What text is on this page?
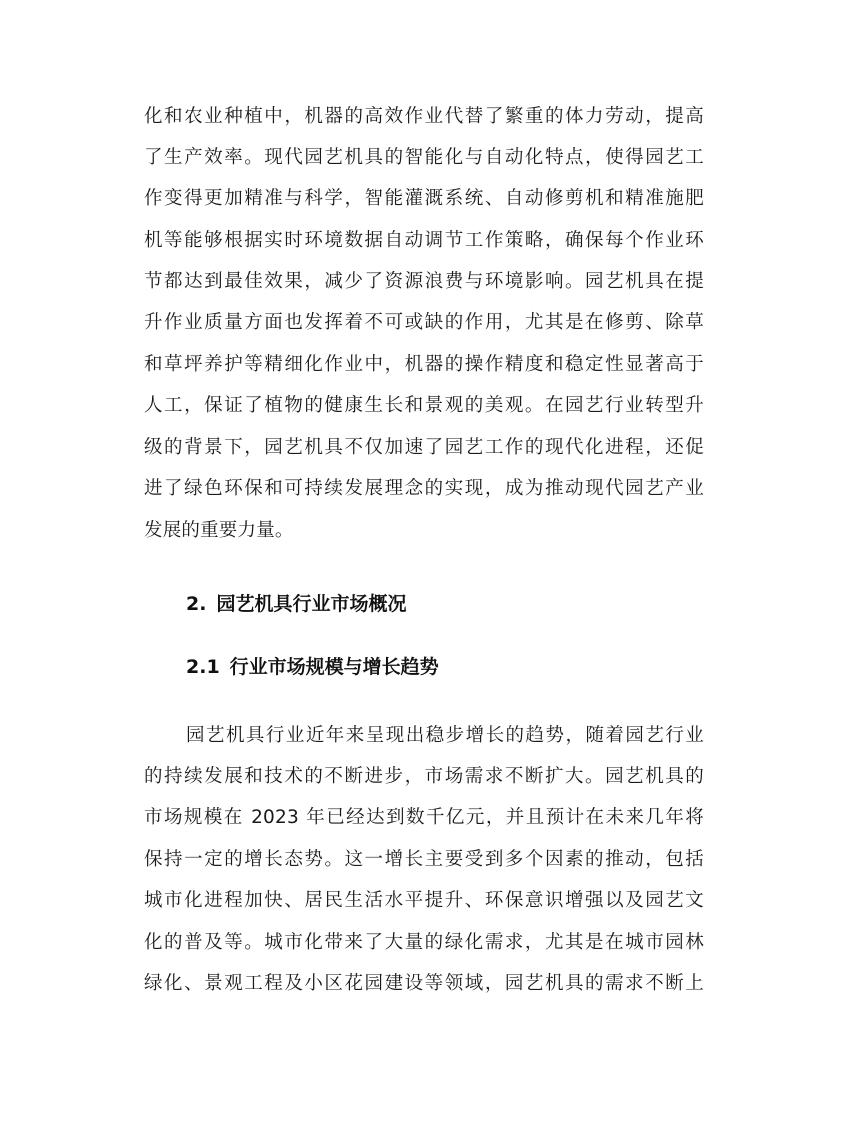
化和农业种植中，机器的高效作业代替了繁重的体力劳动，提高
了生产效率。现代园艺机具的智能化与自动化特点，使得园艺工
作变得更加精准与科学，智能灌溉系统、自动修剪机和精准施肥
机等能够根据实时环境数据自动调节工作策略，确保每个作业环
节都达到最佳效果，减少了资源浪费与环境影响。园艺机具在提
升作业质量方面也发挥着不可或缺的作用，尤其是在修剪、除草
和草坪养护等精细化作业中，机器的操作精度和稳定性显著高于
人工，保证了植物的健康生长和景观的美观。在园艺行业转型升
级的背景下，园艺机具不仅加速了园艺工作的现代化进程，还促
进了绿色环保和可持续发展理念的实现，成为推动现代园艺产业
发展的重要力量。
2. 园艺机具行业市场概况
2.1 行业市场规模与增长趋势
园艺机具行业近年来呈现出稳步增长的趋势，随着园艺行业
的持续发展和技术的不断进步，市场需求不断扩大。园艺机具的
市场规模在 2023 年已经达到数千亿元，并且预计在未来几年将
保持一定的增长态势。这一增长主要受到多个因素的推动，包括
城市化进程加快、居民生活水平提升、环保意识增强以及园艺文
化的普及等。城市化带来了大量的绿化需求，尤其是在城市园林
绿化、景观工程及小区花园建设等领域，园艺机具的需求不断上
